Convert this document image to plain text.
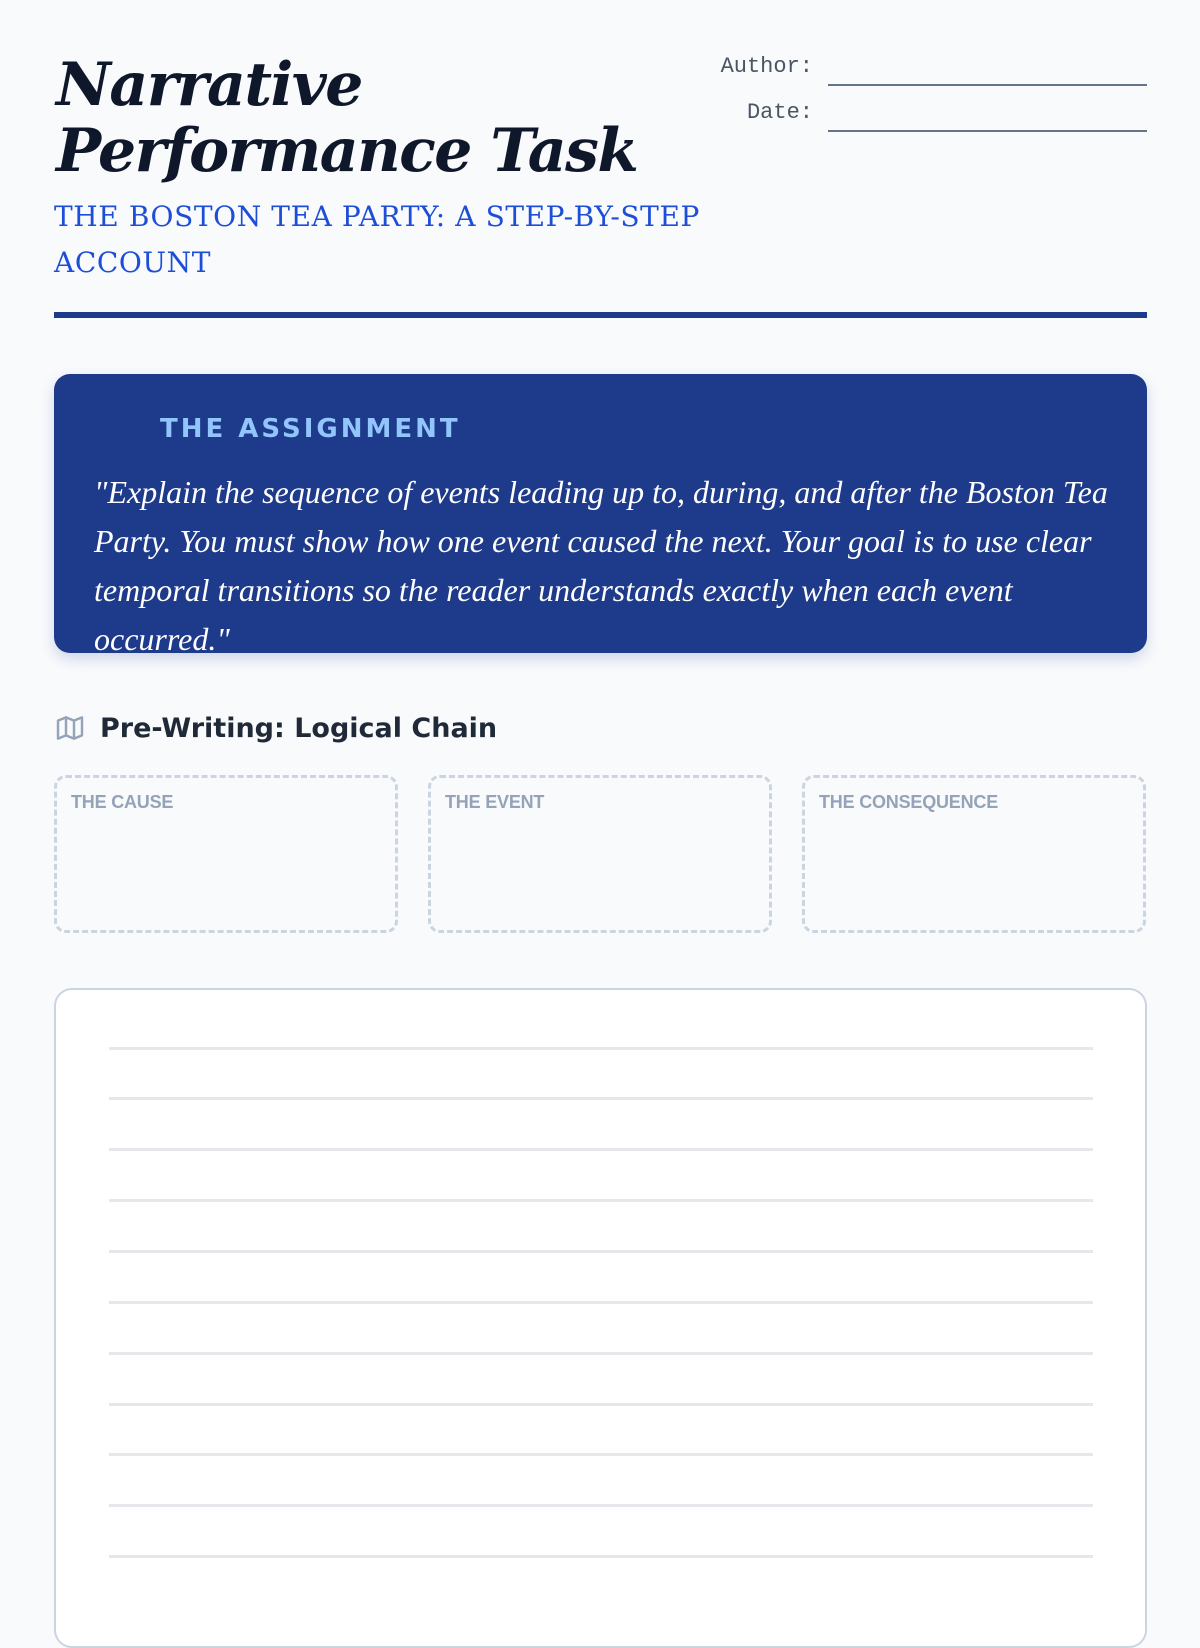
Narrative Performance Task

THE BOSTON TEA PARTY: A STEP-BY-STEP ACCOUNT

Author:
Date:
THE ASSIGNMENT

"Explain the sequence of events leading up to, during, and after the Boston Tea Party. You must show how one event caused the next. Your goal is to use clear temporal transitions so the reader understands exactly when each event occurred."

Pre-Writing: Logical Chain
THE CAUSE	THE EVENT	THE CONSEQUENCE
